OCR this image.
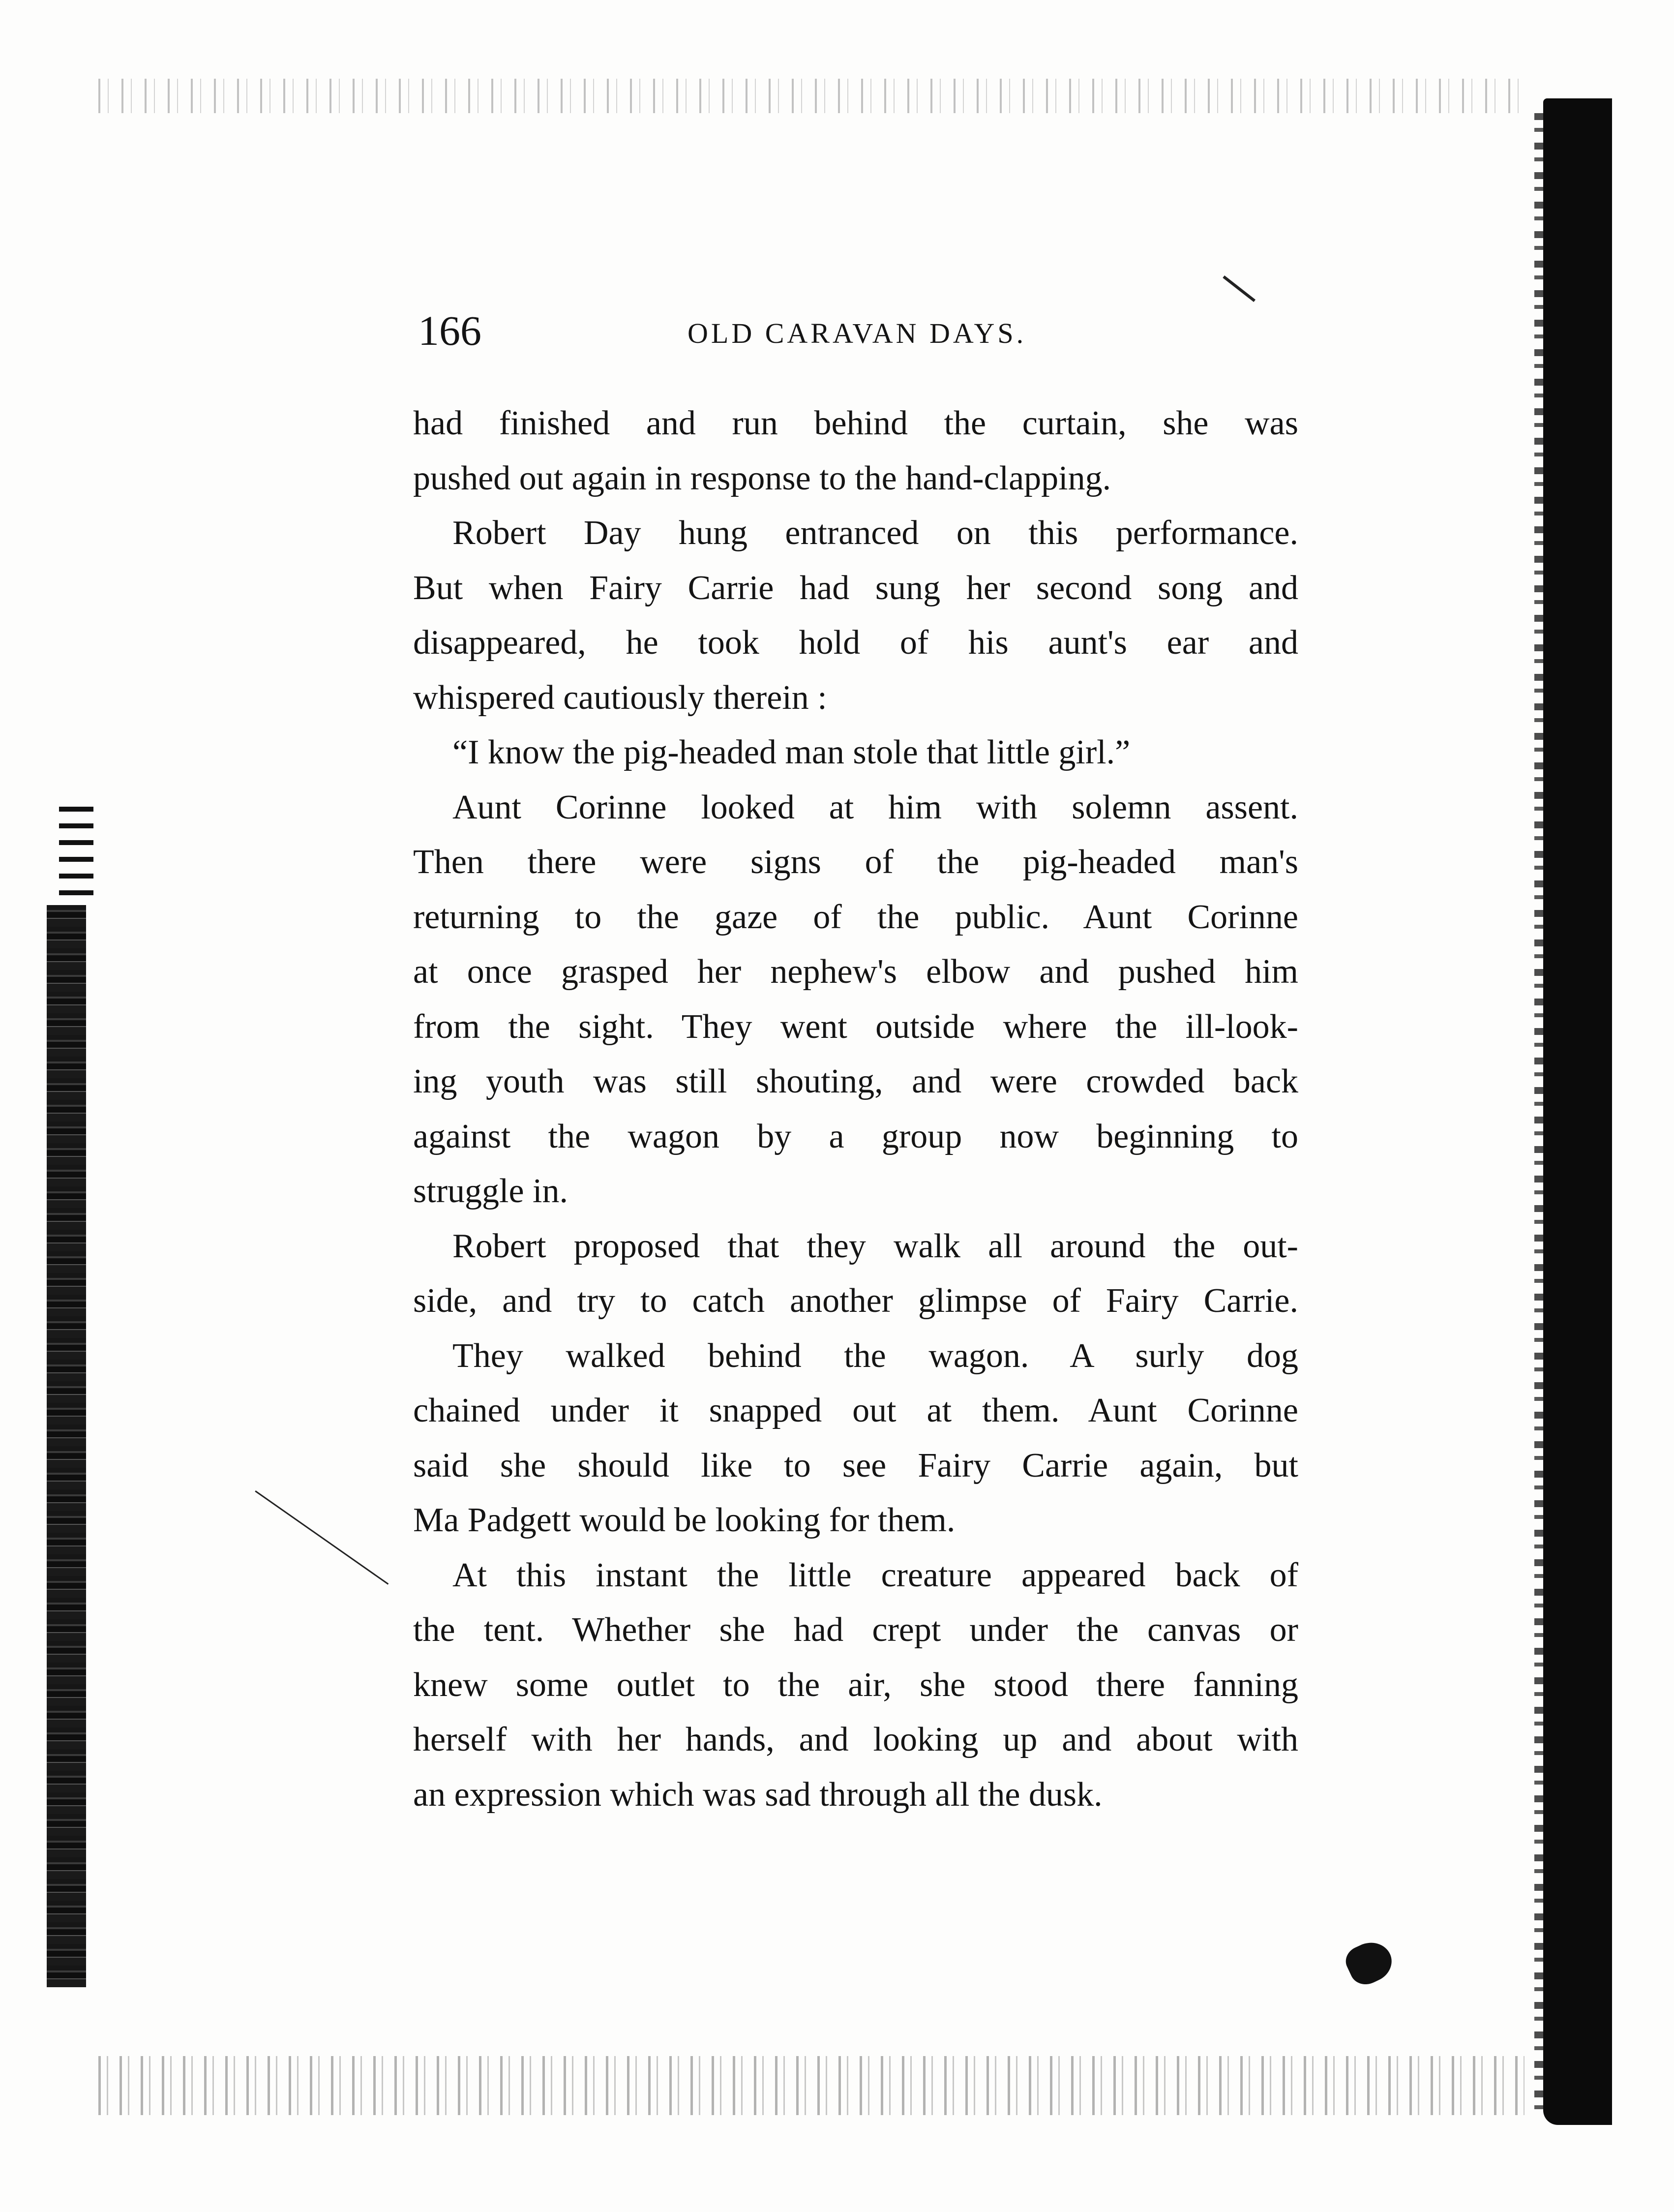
166	OLD CARAVAN DAYS.
had finished and run behind the curtain, she was
pushed out again in response to the hand-clapping.
Robert Day hung entranced on this performance.
But when Fairy Carrie had sung her second song and
disappeared, he took hold of his aunt's ear and
whispered cautiously therein :
“I know the pig-headed man stole that little girl.”
Aunt Corinne looked at him with solemn assent.
Then there were signs of the pig-headed man's
returning to the gaze of the public. Aunt Corinne
at once grasped her nephew's elbow and pushed him
from the sight. They went outside where the ill-look-
ing youth was still shouting, and were crowded back
against the wagon by a group now beginning to
struggle in.
Robert proposed that they walk all around the out-
side, and try to catch another glimpse of Fairy Carrie.
They walked behind the wagon. A surly dog
chained under it snapped out at them. Aunt Corinne
said she should like to see Fairy Carrie again, but
Ma Padgett would be looking for them.
At this instant the little creature appeared back of
the tent. Whether she had crept under the canvas or
knew some outlet to the air, she stood there fanning
herself with her hands, and looking up and about with
an expression which was sad through all the dusk.
